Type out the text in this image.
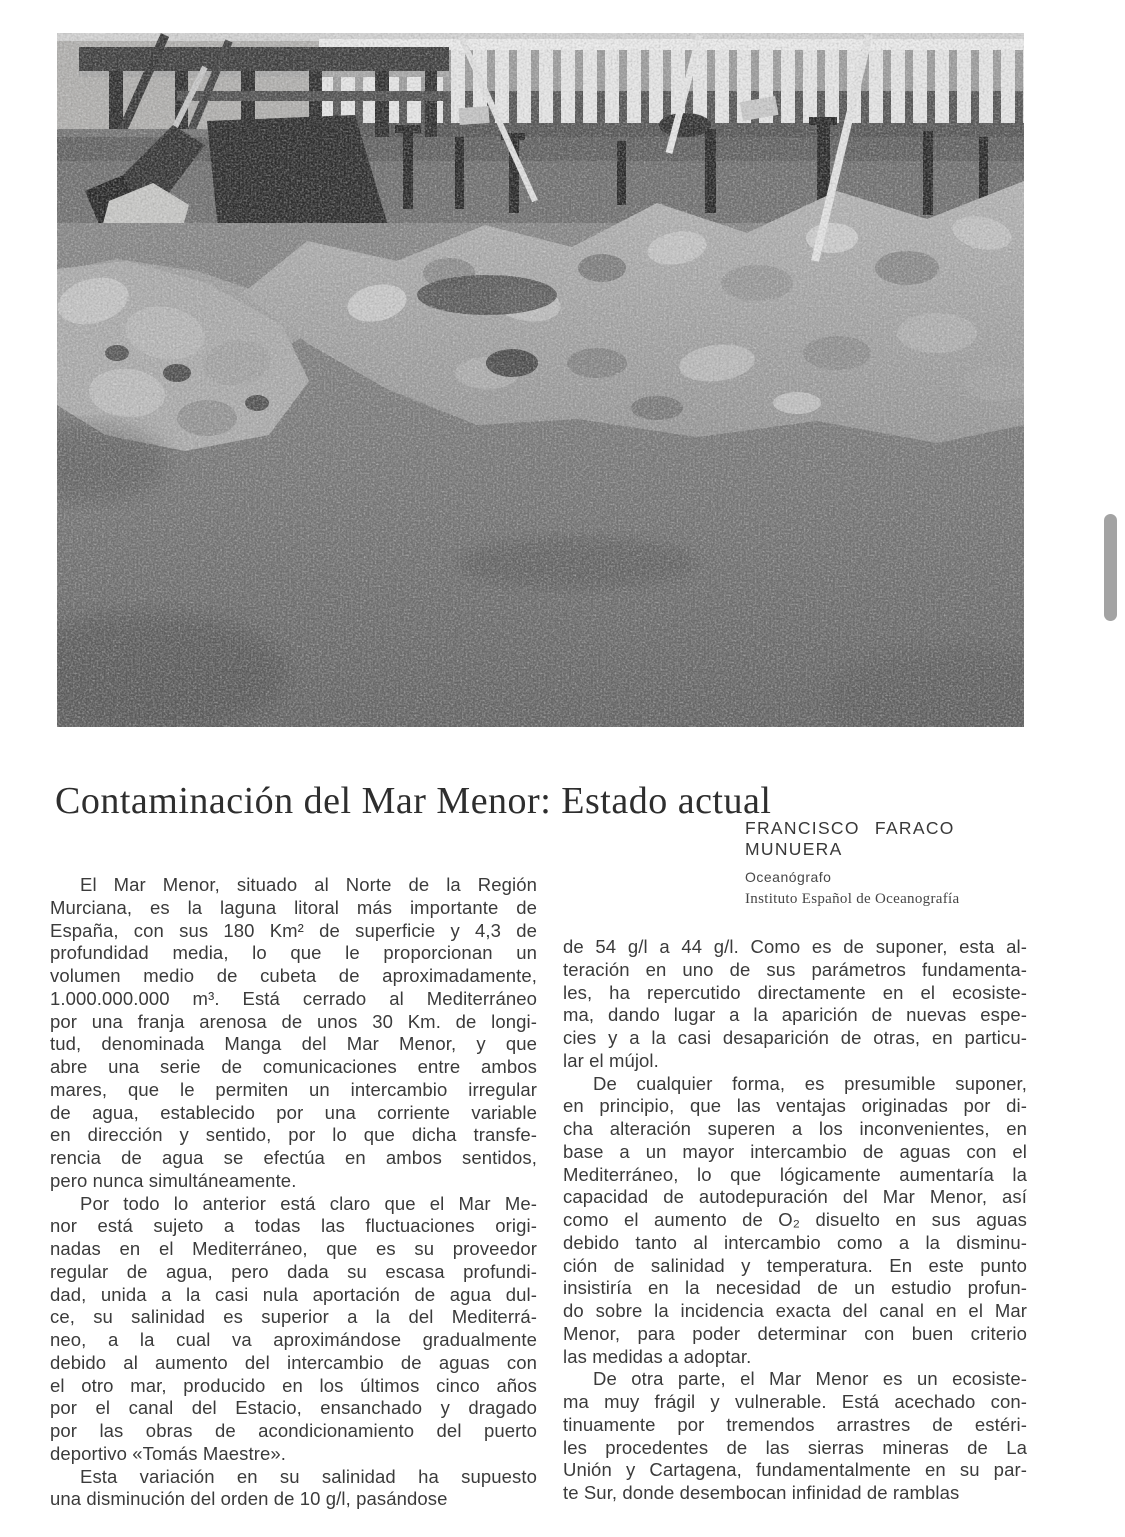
Contaminación del Mar Menor: Estado actual
FRANCISCO FARACO MUNUERA
Oceanógrafo
Instituto Español de Oceanografía
El Mar Menor, situado al Norte de la Región
Murciana, es la laguna litoral más importante de
España, con sus 180 Km² de superficie y 4,3 de
profundidad media, lo que le proporcionan un
volumen medio de cubeta de aproximadamente,
1.000.000.000 m³. Está cerrado al Mediterráneo
por una franja arenosa de unos 30 Km. de longi-
tud, denominada Manga del Mar Menor, y que
abre una serie de comunicaciones entre ambos
mares, que le permiten un intercambio irregular
de agua, establecido por una corriente variable
en dirección y sentido, por lo que dicha transfe-
rencia de agua se efectúa en ambos sentidos,
pero nunca simultáneamente.
Por todo lo anterior está claro que el Mar Me-
nor está sujeto a todas las fluctuaciones origi-
nadas en el Mediterráneo, que es su proveedor
regular de agua, pero dada su escasa profundi-
dad, unida a la casi nula aportación de agua dul-
ce, su salinidad es superior a la del Mediterrá-
neo, a la cual va aproximándose gradualmente
debido al aumento del intercambio de aguas con
el otro mar, producido en los últimos cinco años
por el canal del Estacio, ensanchado y dragado
por las obras de acondicionamiento del puerto
deportivo «Tomás Maestre».
Esta variación en su salinidad ha supuesto
una disminución del orden de 10 g/l, pasándose
de 54 g/l a 44 g/l. Como es de suponer, esta al-
teración en uno de sus parámetros fundamenta-
les, ha repercutido directamente en el ecosiste-
ma, dando lugar a la aparición de nuevas espe-
cies y a la casi desaparición de otras, en particu-
lar el mújol.
De cualquier forma, es presumible suponer,
en principio, que las ventajas originadas por di-
cha alteración superen a los inconvenientes, en
base a un mayor intercambio de aguas con el
Mediterráneo, lo que lógicamente aumentaría la
capacidad de autodepuración del Mar Menor, así
como el aumento de O₂ disuelto en sus aguas
debido tanto al intercambio como a la disminu-
ción de salinidad y temperatura. En este punto
insistiría en la necesidad de un estudio profun-
do sobre la incidencia exacta del canal en el Mar
Menor, para poder determinar con buen criterio
las medidas a adoptar.
De otra parte, el Mar Menor es un ecosiste-
ma muy frágil y vulnerable. Está acechado con-
tinuamente por tremendos arrastres de estéri-
les procedentes de las sierras mineras de La
Unión y Cartagena, fundamentalmente en su par-
te Sur, donde desembocan infinidad de ramblas
